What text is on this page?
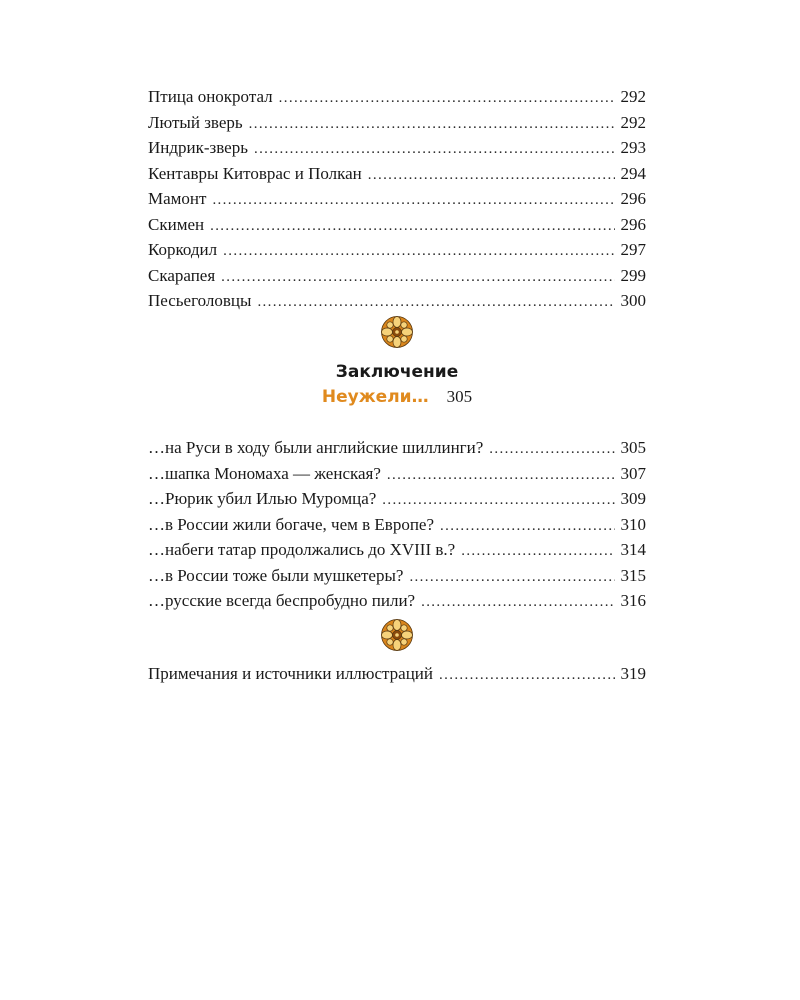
Птица онокротал . . .	292
Лютый зверь . . .	292
Индрик-зверь . . .	293
Кентавры Китоврас и Полкан . . .	294
Мамонт . . .	296
Скимен . . .	296
Коркодил . . .	297
Скарапея . . .	299
Песьеголовцы . . .	300
Заключение
Неужели… 305
…на Руси в ходу были английские шиллинги? . . .	305
…шапка Мономаха — женская? . . .	307
…Рюрик убил Илью Муромца? . . .	309
…в России жили богаче, чем в Европе? . . .	310
…набеги татар продолжались до XVIII в.? . . .	314
…в России тоже были мушкетеры? . . .	315
…русские всегда беспробудно пили? . . .	316
Примечания и источники иллюстраций . . .	319
